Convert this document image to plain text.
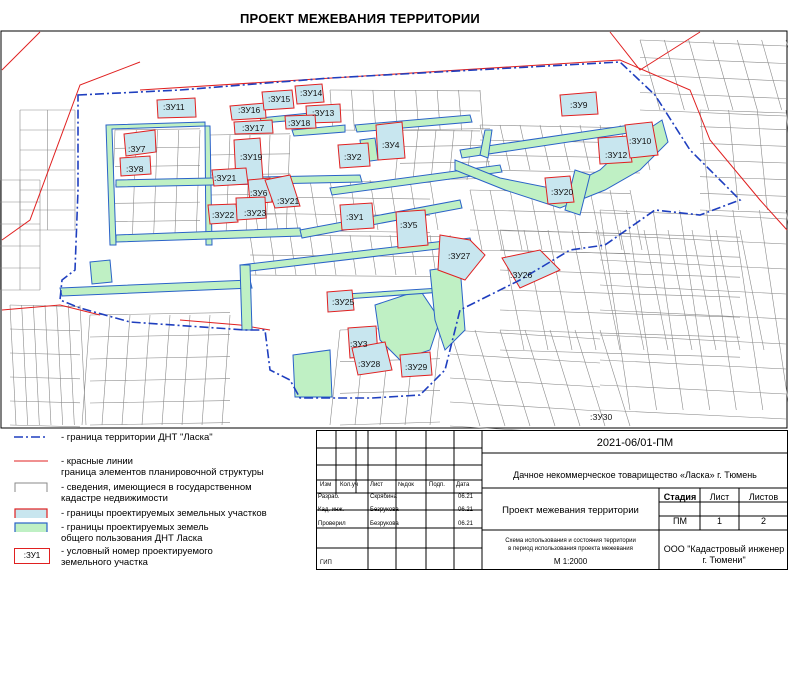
ПРОЕКТ МЕЖЕВАНИЯ ТЕРРИТОРИИ
:ЗУ11	:ЗУ16
:ЗУ15
:ЗУ14
:ЗУ13
:ЗУ18
:ЗУ17
:ЗУ9
:ЗУ7
:ЗУ8
:ЗУ19	:ЗУ2
:ЗУ4
:ЗУ12
:ЗУ10
:ЗУ21
:ЗУ20
:ЗУ6
:ЗУ21
:ЗУ22 :ЗУ23	:ЗУ1
:ЗУ5
:ЗУ27
:ЗУ26
:ЗУ25
:ЗУ3
:ЗУ28	:ЗУ29
:ЗУ30
- граница территории ДНТ "Ласка"
- красные линии
граница элементов планировочной структуры
- сведения, имеющиеся в государственном
кадастре недвижимости
- границы проектируемых земельных участков
- границы проектируемых земель
общего пользования ДНТ Ласка
:ЗУ1	- условный номер проектируемого
земельного участка
Изм Кол.уч Лист №док	Подп. Дата
Разраб.	Скрябина	06.21
Кад. инж.	Безрукова	06.21
Проверил	Безрукова	06.21
ГИП
2021-06/01-ПМ
Дачное некоммерческое товарищество «Ласка» г. Тюмень
Проект межевания территории
Стадия	Лист	Листов
ПМ	1	2
Схема использования и состояния территории
в период использования проекта межевания
М 1:2000
ООО "Кадастровый инженер
г. Тюмени"
